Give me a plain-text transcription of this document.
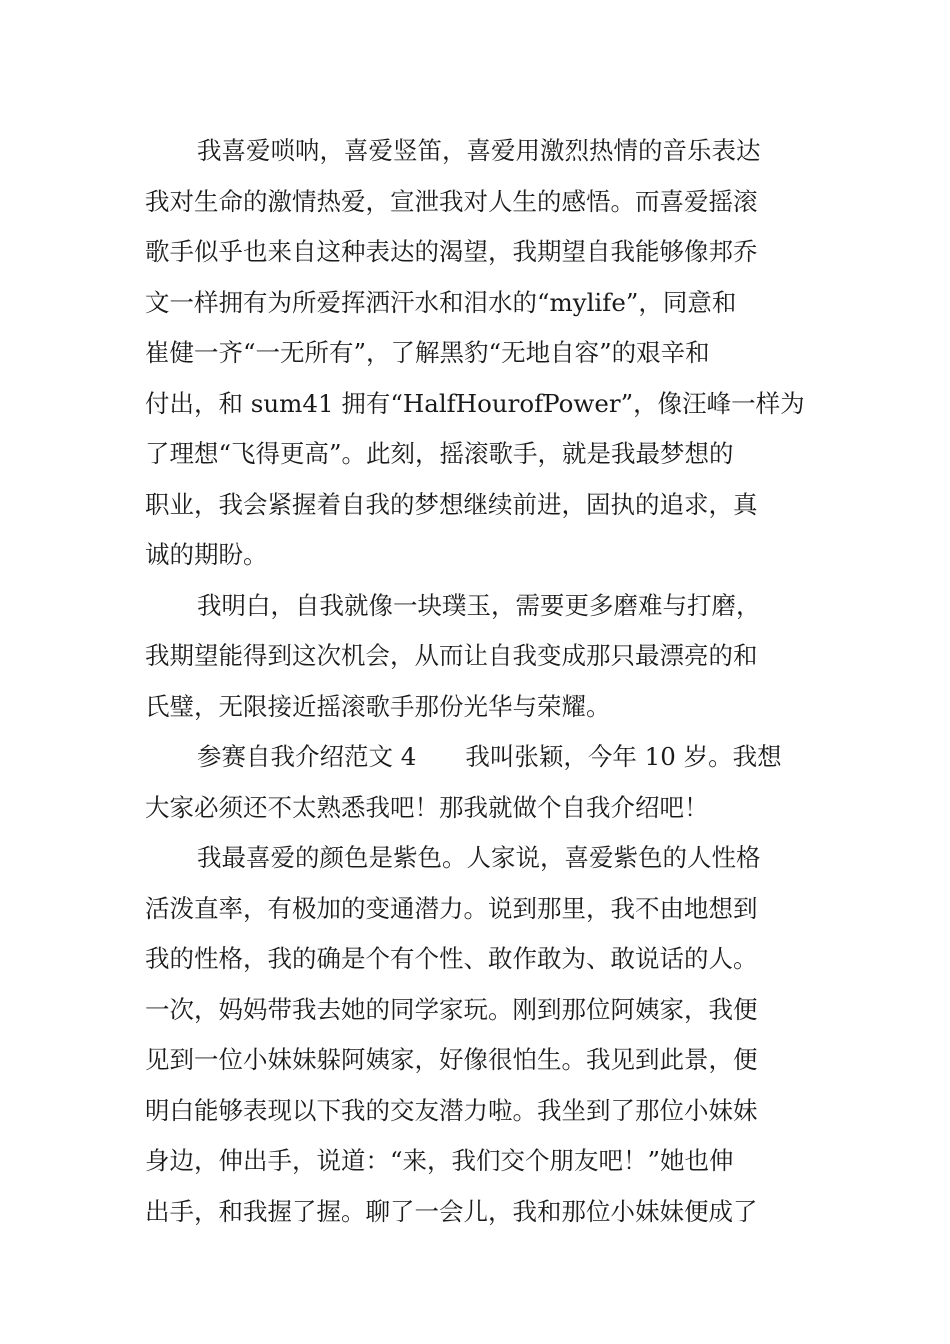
我喜爱唢呐，喜爱竖笛，喜爱用激烈热情的音乐表达
我对生命的激情热爱，宣泄我对人生的感悟。而喜爱摇滚
歌手似乎也来自这种表达的渴望，我期望自我能够像邦乔
文一样拥有为所爱挥洒汗水和泪水的“mylife”，同意和
崔健一齐“一无所有”，了解黑豹“无地自容”的艰辛和
付出，和 sum41 拥有“HalfHourofPower”，像汪峰一样为
了理想“飞得更高”。此刻，摇滚歌手，就是我最梦想的
职业，我会紧握着自我的梦想继续前进，固执的追求，真
诚的期盼。
我明白，自我就像一块璞玉，需要更多磨难与打磨，
我期望能得到这次机会，从而让自我变成那只最漂亮的和
氏璧，无限接近摇滚歌手那份光华与荣耀。
参赛自我介绍范文 4　　我叫张颖，今年 10 岁。我想
大家必须还不太熟悉我吧！那我就做个自我介绍吧！
我最喜爱的颜色是紫色。人家说，喜爱紫色的人性格
活泼直率，有极加的变通潜力。说到那里，我不由地想到
我的性格，我的确是个有个性、敢作敢为、敢说话的人。
一次，妈妈带我去她的同学家玩。刚到那位阿姨家，我便
见到一位小妹妹躲阿姨家，好像很怕生。我见到此景，便
明白能够表现以下我的交友潜力啦。我坐到了那位小妹妹
身边，伸出手，说道：“来，我们交个朋友吧！”她也伸
出手，和我握了握。聊了一会儿，我和那位小妹妹便成了
